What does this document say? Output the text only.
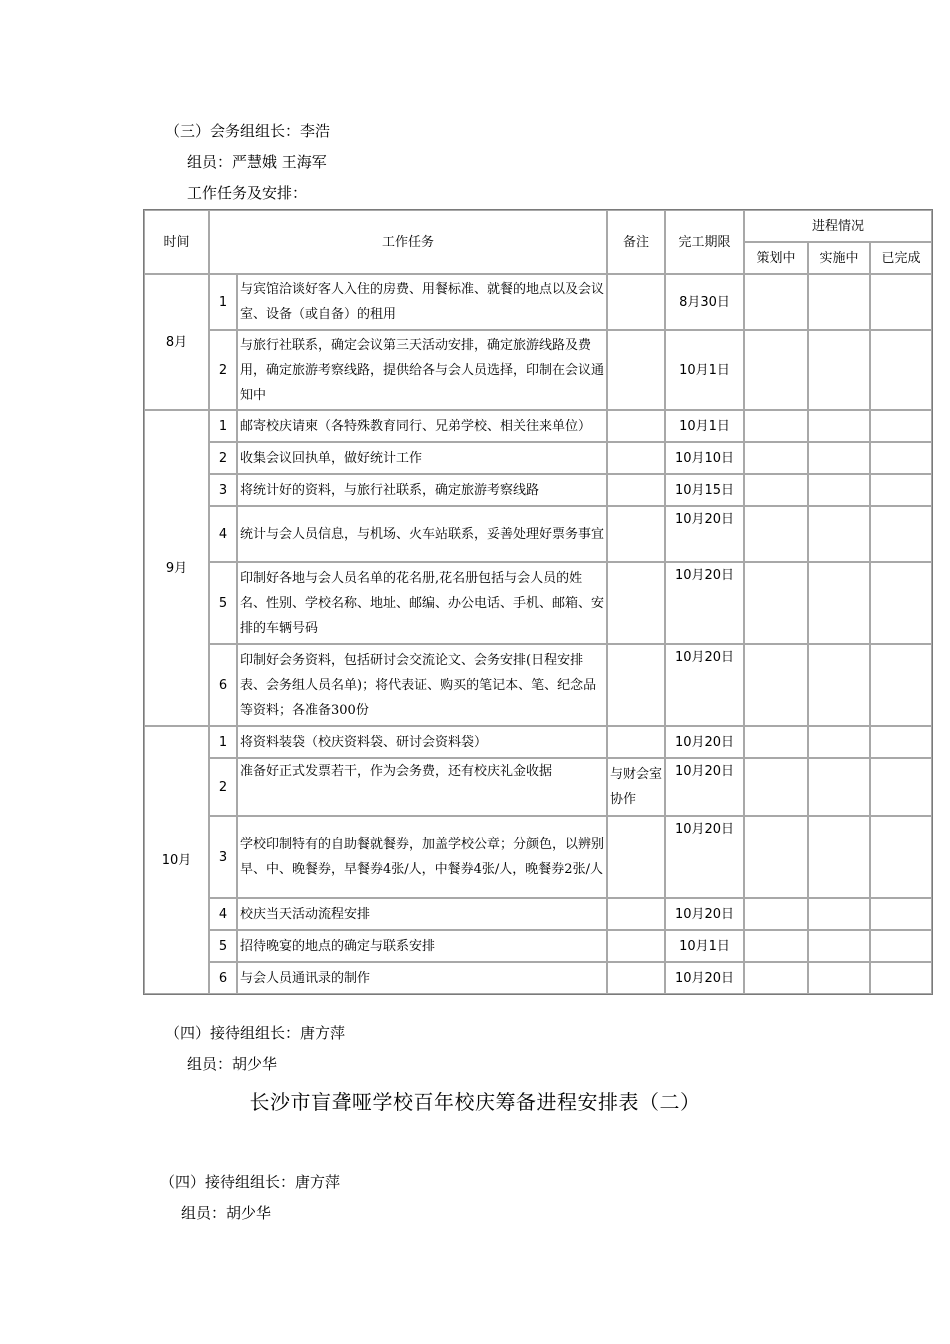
（三）会务组组长：李浩
组员：严慧娥 王海军
工作任务及安排：
时间	工作任务		备注	完工期限	进程情况		
					策划中	实施中	已完成
8月	1	与宾馆洽谈好客人入住的房费、用餐标准、就餐的地点以及会议室、设备（或自备）的租用		8月30日			
	2	与旅行社联系，确定会议第三天活动安排，确定旅游线路及费用，确定旅游考察线路，提供给各与会人员选择，印制在会议通知中		10月1日			
9月	1	邮寄校庆请柬（各特殊教育同行、兄弟学校、相关往来单位）		10月1日			
	2	收集会议回执单，做好统计工作		10月10日			
	3	将统计好的资料，与旅行社联系，确定旅游考察线路		10月15日			
	4	统计与会人员信息，与机场、火车站联系，妥善处理好票务事宜		10月20日			
	5	印制好各地与会人员名单的花名册,花名册包括与会人员的姓名、性别、学校名称、地址、邮编、办公电话、手机、邮箱、安排的车辆号码		10月20日			
	6	印制好会务资料，包括研讨会交流论文、会务安排(日程安排表、会务组人员名单)；将代表证、购买的笔记本、笔、纪念品等资料；各准备300份		10月20日			
10月	1	将资料装袋（校庆资料袋、研讨会资料袋）		10月20日			
	2	准备好正式发票若干，作为会务费，还有校庆礼金收据	与财会室协作	10月20日			
	3	学校印制特有的自助餐就餐券，加盖学校公章；分颜色，以辨别早、中、晚餐券，早餐券4张/人，中餐券4张/人，晚餐券2张/人		10月20日			
	4	校庆当天活动流程安排		10月20日			
	5	招待晚宴的地点的确定与联系安排		10月1日			
	6	与会人员通讯录的制作		10月20日			
（四）接待组组长：唐方萍
组员：胡少华
长沙市盲聋哑学校百年校庆筹备进程安排表（二）
（四）接待组组长：唐方萍
组员：胡少华
